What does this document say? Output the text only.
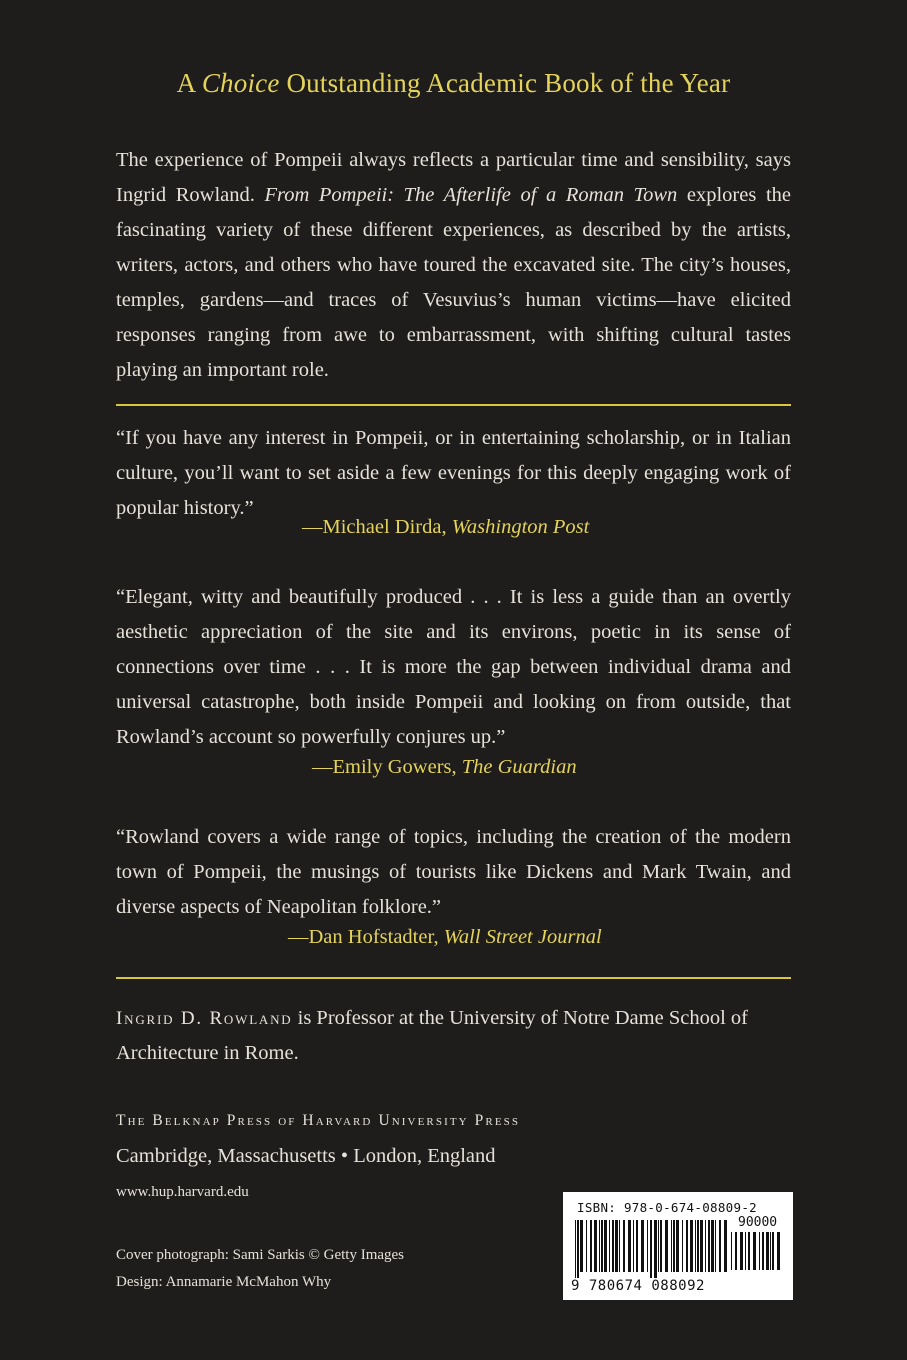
A Choice Outstanding Academic Book of the Year
The experience of Pompeii always reflects a particular time and sensibility, says Ingrid Rowland. From Pompeii: The Afterlife of a Roman Town explores the fascinating variety of these different experiences, as described by the artists, writers, actors, and others who have toured the excavated site. The city’s houses, temples, gardens—and traces of Vesuvius’s human victims—have elicited responses ranging from awe to embarrassment, with shifting cultural tastes playing an important role.
“If you have any interest in Pompeii, or in entertaining scholarship, or in Italian culture, you’ll want to set aside a few evenings for this deeply engaging work of popular history.”
—Michael Dirda, Washington Post
“Elegant, witty and beautifully produced . . . It is less a guide than an overtly aesthetic appreciation of the site and its environs, poetic in its sense of connections over time . . . It is more the gap between individual drama and universal catastrophe, both inside Pompeii and looking on from outside, that Rowland’s account so powerfully conjures up.”
—Emily Gowers, The Guardian
“Rowland covers a wide range of topics, including the creation of the modern town of Pompeii, the musings of tourists like Dickens and Mark Twain, and diverse aspects of Neapolitan folklore.”
—Dan Hofstadter, Wall Street Journal
Ingrid D. Rowland is Professor at the University of Notre Dame School of Architecture in Rome.
The Belknap Press of Harvard University Press
Cambridge, Massachusetts • London, England
www.hup.harvard.edu
Cover photograph: Sami Sarkis © Getty Images
Design: Annamarie McMahon Why
ISBN: 978-0-674-08809-2
90000
9 780674 088092
